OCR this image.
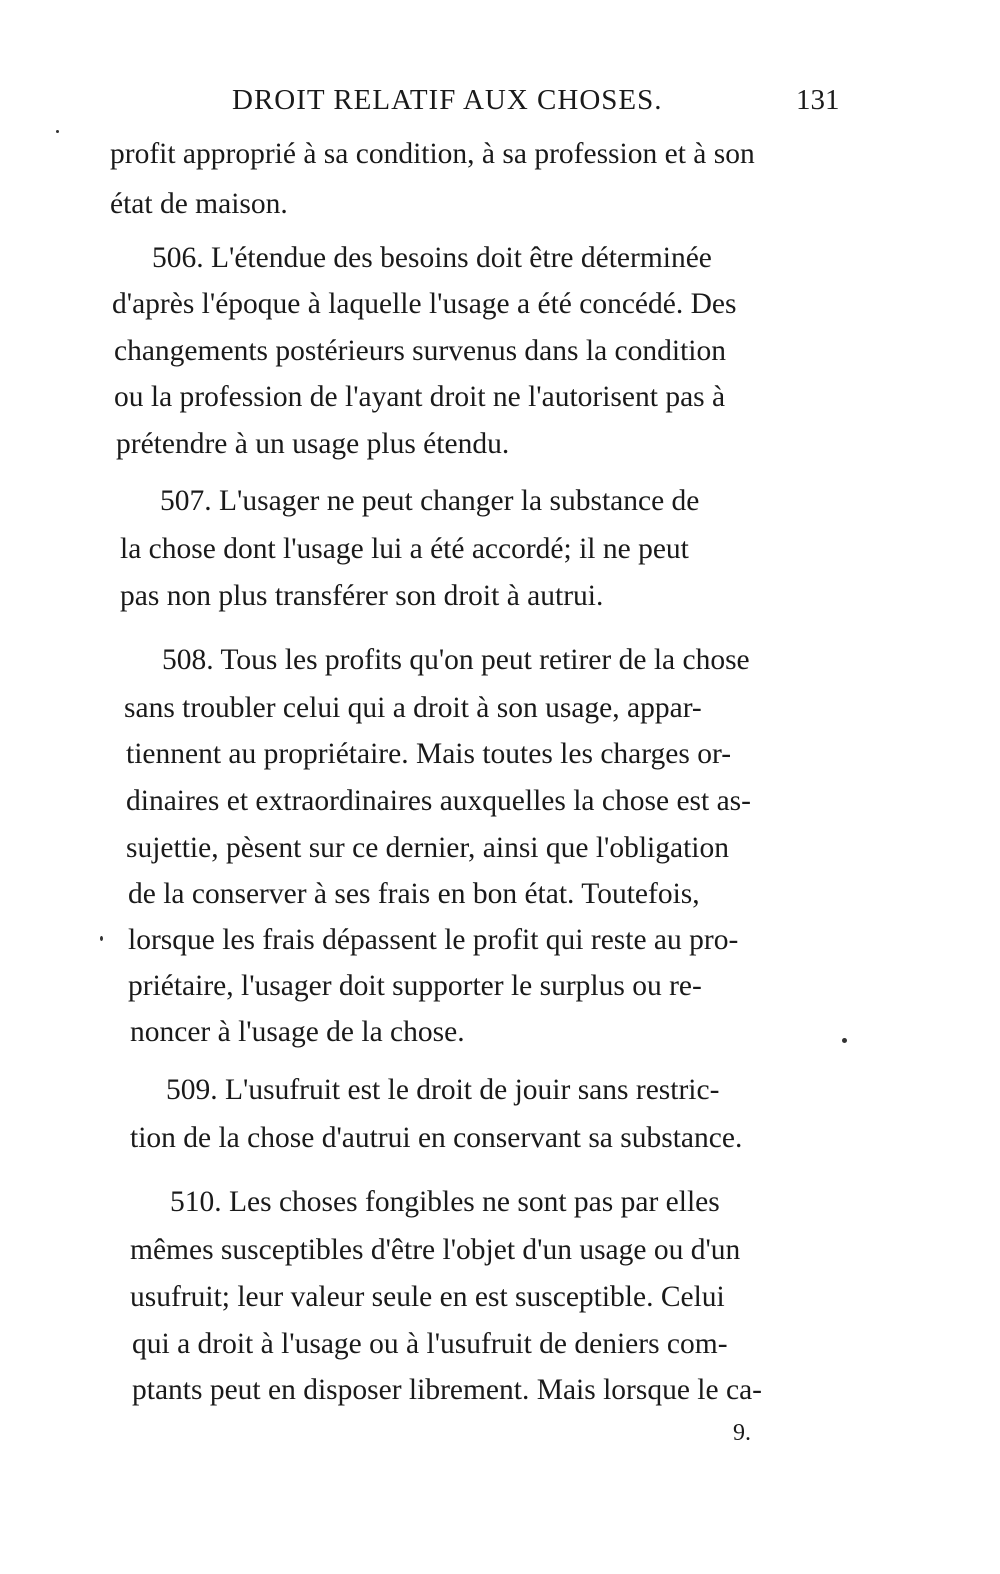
DROIT RELATIF AUX CHOSES.	131
profit approprié à sa condition, à sa profession et à son
état de maison.
506. L'étendue des besoins doit être déterminée
d'après l'époque à laquelle l'usage a été concédé. Des
changements postérieurs survenus dans la condition
ou la profession de l'ayant droit ne l'autorisent pas à
prétendre à un usage plus étendu.
507. L'usager ne peut changer la substance de
la chose dont l'usage lui a été accordé; il ne peut
pas non plus transférer son droit à autrui.
508. Tous les profits qu'on peut retirer de la chose
sans troubler celui qui a droit à son usage, appar-
tiennent au propriétaire. Mais toutes les charges or-
dinaires et extraordinaires auxquelles la chose est as-
sujettie, pèsent sur ce dernier, ainsi que l'obligation
de la conserver à ses frais en bon état. Toutefois,
lorsque les frais dépassent le profit qui reste au pro-
priétaire, l'usager doit supporter le surplus ou re-
noncer à l'usage de la chose.
509. L'usufruit est le droit de jouir sans restric-
tion de la chose d'autrui en conservant sa substance.
510. Les choses fongibles ne sont pas par elles
mêmes susceptibles d'être l'objet d'un usage ou d'un
usufruit; leur valeur seule en est susceptible. Celui
qui a droit à l'usage ou à l'usufruit de deniers com-
ptants peut en disposer librement. Mais lorsque le ca-
9.
